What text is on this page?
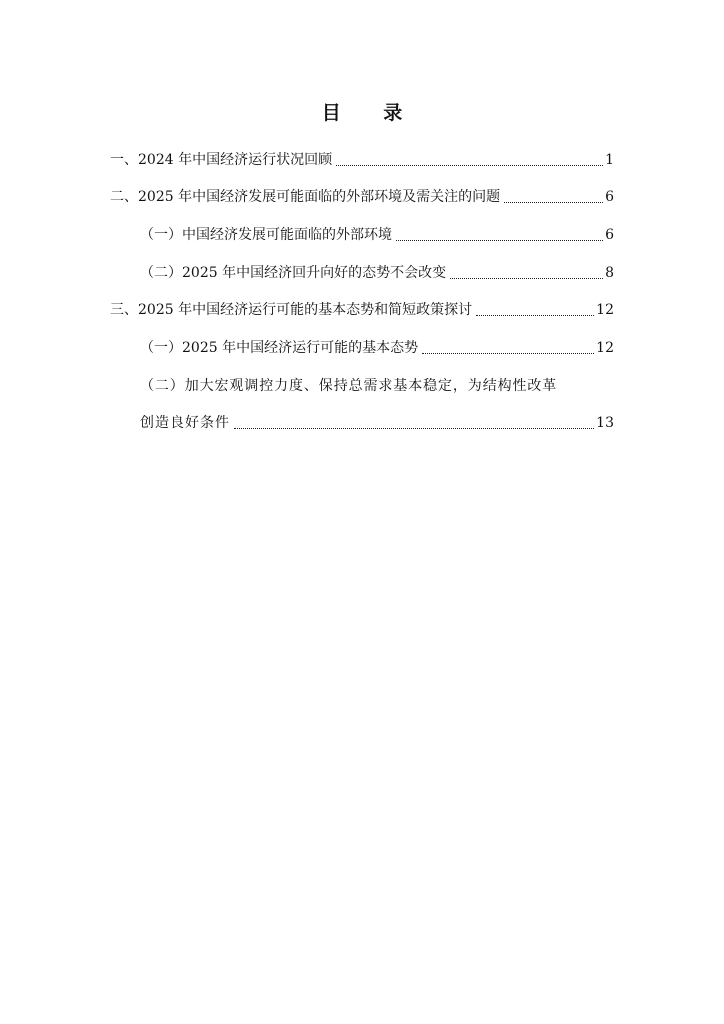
目 录
一、2024 年中国经济运行状况回顾	1
二、2025 年中国经济发展可能面临的外部环境及需关注的问题	6
（一）中国经济发展可能面临的外部环境	6
（二）2025 年中国经济回升向好的态势不会改变	8
三、2025 年中国经济运行可能的基本态势和简短政策探讨	12
（一）2025 年中国经济运行可能的基本态势	12
（二）加大宏观调控力度、保持总需求基本稳定，为结构性改革
创造良好条件	13
